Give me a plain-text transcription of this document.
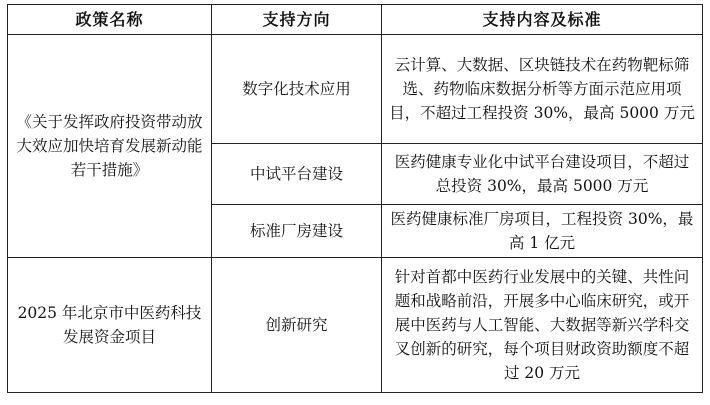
政策名称	支持方向	支持内容及标准
《关于发挥政府投资带动放大效应加快培育发展新动能若干措施》	数字化技术应用	云计算、大数据、区块链技术在药物靶标筛选、药物临床数据分析等方面示范应用项目，不超过工程投资 30%，最高 5000 万元
	中试平台建设	医药健康专业化中试平台建设项目，不超过总投资 30%，最高 5000 万元
	标准厂房建设	医药健康标准厂房项目，工程投资 30%，最高 1 亿元
2025 年北京市中医药科技发展资金项目	创新研究	针对首都中医药行业发展中的关键、共性问题和战略前沿，开展多中心临床研究，或开展中医药与人工智能、大数据等新兴学科交叉创新的研究，每个项目财政资助额度不超过 20 万元
